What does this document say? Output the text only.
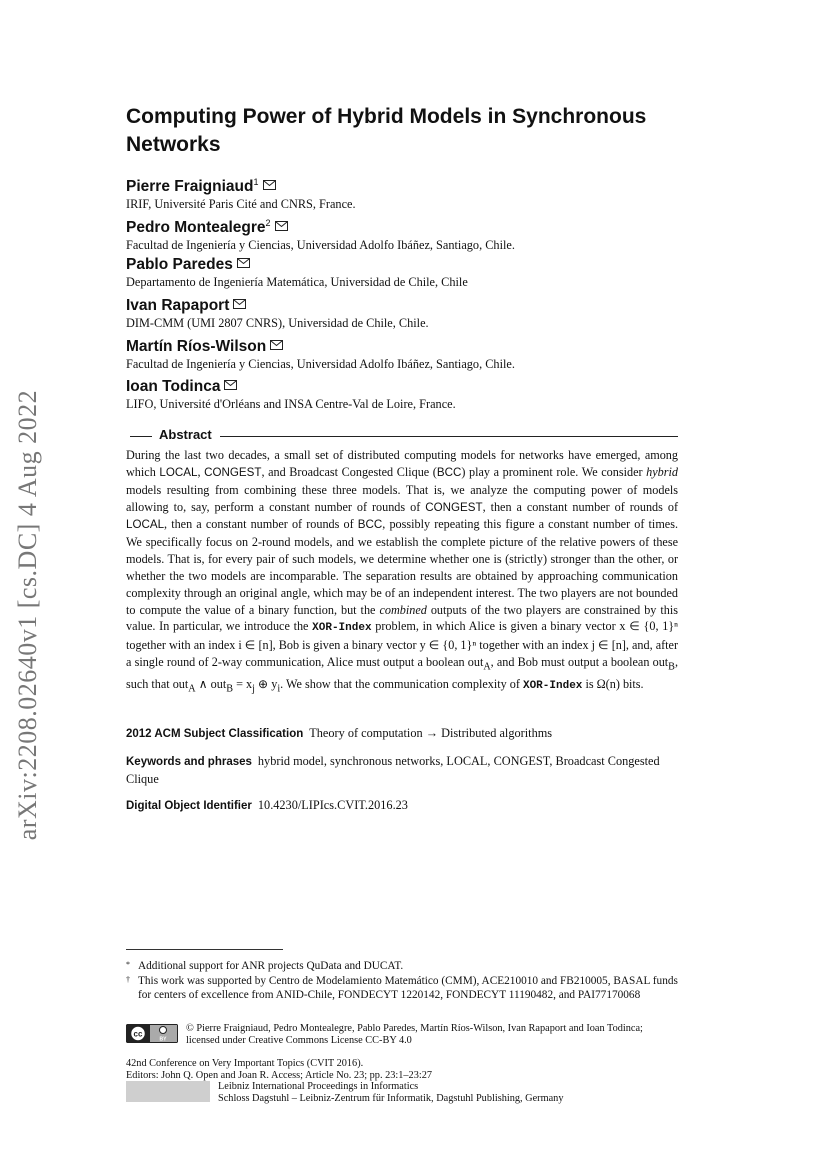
arXiv:2208.02640v1 [cs.DC] 4 Aug 2022
Computing Power of Hybrid Models in Synchronous Networks
Pierre Fraigniaud$^1$
IRIF, Université Paris Cité and CNRS, France.
Pedro Montealegre$^2$
Facultad de Ingeniería y Ciencias, Universidad Adolfo Ibáñez, Santiago, Chile.
Pablo Paredes
Departamento de Ingeniería Matemática, Universidad de Chile, Chile
Ivan Rapaport
DIM-CMM (UMI 2807 CNRS), Universidad de Chile, Chile.
Martín Ríos-Wilson
Facultad de Ingeniería y Ciencias, Universidad Adolfo Ibáñez, Santiago, Chile.
Ioan Todinca
LIFO, Université d'Orléans and INSA Centre-Val de Loire, France.
Abstract
During the last two decades, a small set of distributed computing models for networks have emerged, among which LOCAL, CONGEST, and Broadcast Congested Clique (BCC) play a prominent role. We consider hybrid models resulting from combining these three models. That is, we analyze the computing power of models allowing to, say, perform a constant number of rounds of CONGEST, then a constant number of rounds of LOCAL, then a constant number of rounds of BCC, possibly repeating this figure a constant number of times. We specifically focus on 2-round models, and we establish the complete picture of the relative powers of these models. That is, for every pair of such models, we determine whether one is (strictly) stronger than the other, or whether the two models are incomparable. The separation results are obtained by approaching communication complexity through an original angle, which may be of an independent interest. The two players are not bounded to compute the value of a binary function, but the combined outputs of the two players are constrained by this value. In particular, we introduce the XOR-Index problem, in which Alice is given a binary vector x ∈ {0, 1}ⁿ together with an index i ∈ [n], Bob is given a binary vector y ∈ {0, 1}ⁿ together with an index j ∈ [n], and, after a single round of 2-way communication, Alice must output a boolean out$_A$, and Bob must output a boolean out$_B$, such that out$_A$ ∧ $out_B = x_j$ ⊕ $y_i$. We show that the communication complexity of XOR-Index is Ω(n) bits.
2012 ACM Subject Classification Theory of computation → Distributed algorithms
Keywords and phrases hybrid model, synchronous networks, LOCAL, CONGEST, Broadcast Congested Clique
Digital Object Identifier 10.4230/LIPIcs.CVIT.2016.23
* Additional support for ANR projects QuData and DUCAT.
† This work was supported by Centro de Modelamiento Matemático (CMM), ACE210010 and FB210005, BASAL funds for centers of excellence from ANID-Chile, FONDECYT 1220142, FONDECYT 11190482, and PAI77170068
cc
BY
© Pierre Fraigniaud, Pedro Montealegre, Pablo Paredes, Martín Ríos-Wilson, Ivan Rapaport and Ioan Todinca;
licensed under Creative Commons License CC-BY 4.0
42nd Conference on Very Important Topics (CVIT 2016).
Editors: John Q. Open and Joan R. Access; Article No. 23; pp. 23:1–23:27
Leibniz International Proceedings in Informatics
Schloss Dagstuhl – Leibniz-Zentrum für Informatik, Dagstuhl Publishing, Germany
